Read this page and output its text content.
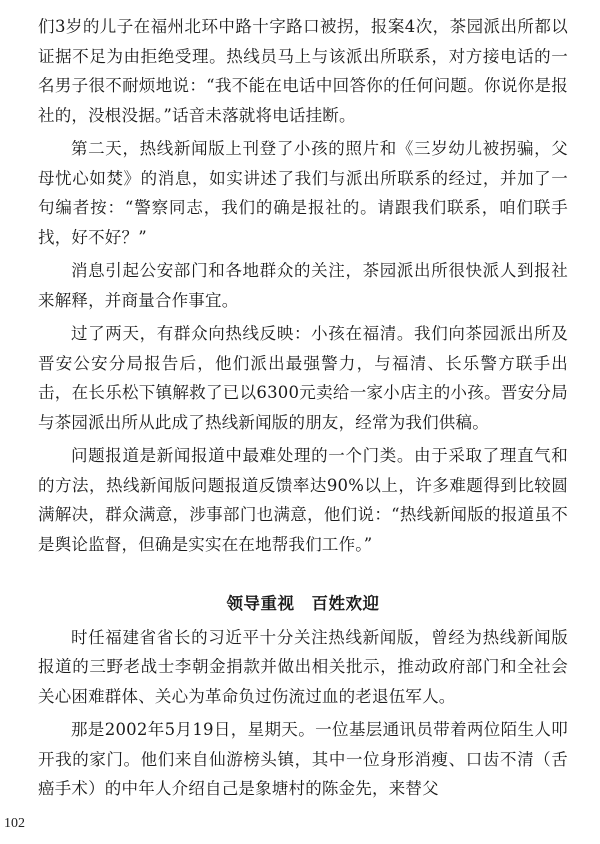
们3岁的儿子在福州北环中路十字路口被拐，报案4次，茶园派出所都以证据不足为由拒绝受理。热线员马上与该派出所联系，对方接电话的一名男子很不耐烦地说：“我不能在电话中回答你的任何问题。你说你是报社的，没根没据。”话音未落就将电话挂断。

第二天，热线新闻版上刊登了小孩的照片和《三岁幼儿被拐骗，父母忧心如焚》的消息，如实讲述了我们与派出所联系的经过，并加了一句编者按：“警察同志，我们的确是报社的。请跟我们联系，咱们联手找，好不好？”

消息引起公安部门和各地群众的关注，茶园派出所很快派人到报社来解释，并商量合作事宜。

过了两天，有群众向热线反映：小孩在福清。我们向茶园派出所及晋安公安分局报告后，他们派出最强警力，与福清、长乐警方联手出击，在长乐松下镇解救了已以6300元卖给一家小店主的小孩。晋安分局与茶园派出所从此成了热线新闻版的朋友，经常为我们供稿。

问题报道是新闻报道中最难处理的一个门类。由于采取了理直气和的方法，热线新闻版问题报道反馈率达90%以上，许多难题得到比较圆满解决，群众满意，涉事部门也满意，他们说：“热线新闻版的报道虽不是舆论监督，但确是实实在在地帮我们工作。”

领导重视　百姓欢迎

时任福建省省长的习近平十分关注热线新闻版，曾经为热线新闻版报道的三野老战士李朝金捐款并做出相关批示，推动政府部门和全社会关心困难群体、关心为革命负过伤流过血的老退伍军人。

那是2002年5月19日，星期天。一位基层通讯员带着两位陌生人叩开我的家门。他们来自仙游榜头镇，其中一位身形消瘦、口齿不清（舌癌手术）的中年人介绍自己是象塘村的陈金先，来替父

102
